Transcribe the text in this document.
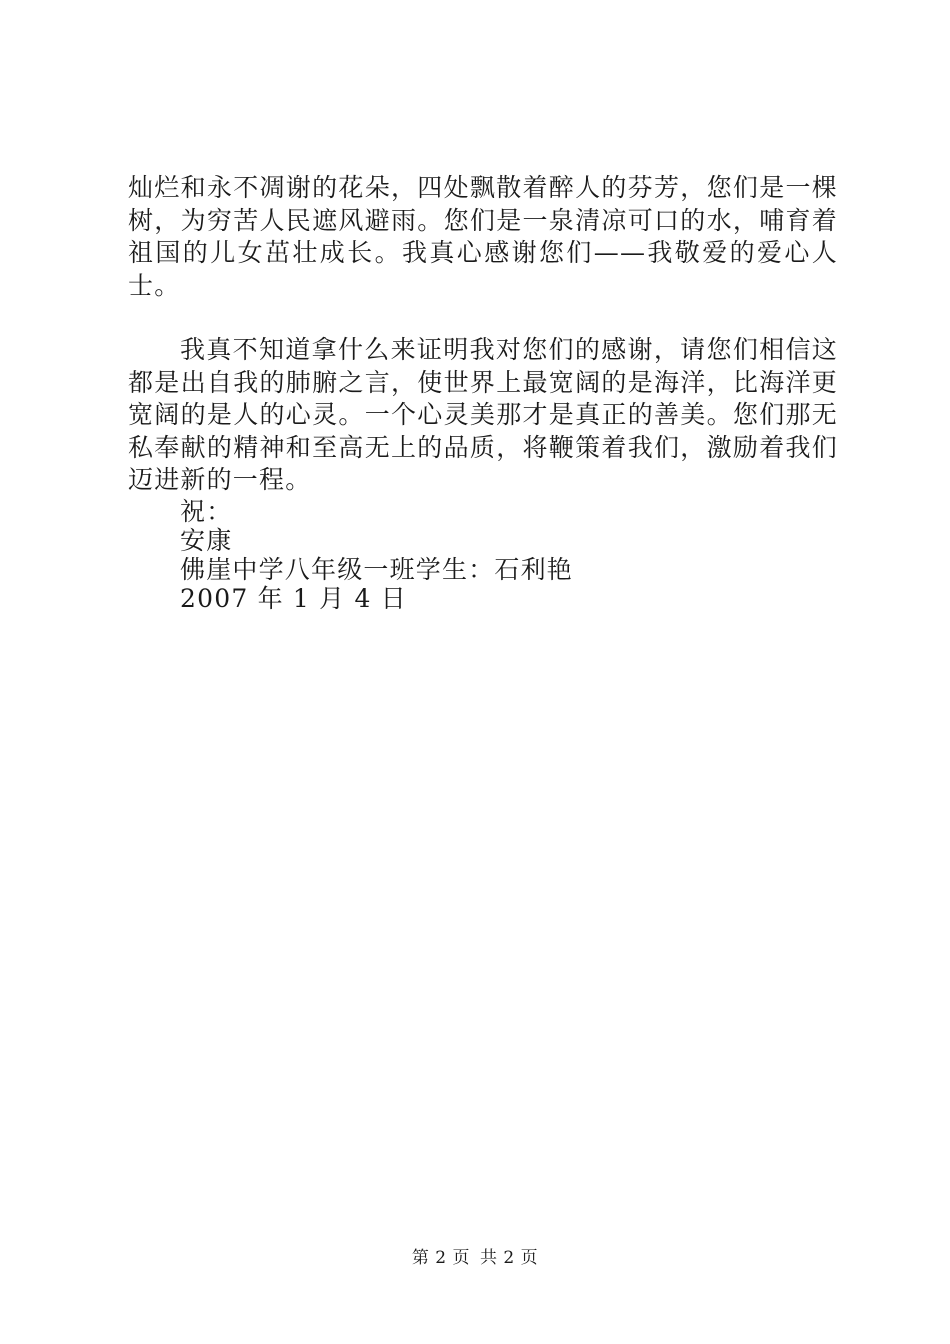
灿烂和永不凋谢的花朵，四处飘散着醉人的芬芳，您们是一棵树，为穷苦人民遮风避雨。您们是一泉清凉可口的水，哺育着祖国的儿女茁壮成长。我真心感谢您们——我敬爱的爱心人士。

我真不知道拿什么来证明我对您们的感谢，请您们相信这都是出自我的肺腑之言，使世界上最宽阔的是海洋，比海洋更宽阔的是人的心灵。一个心灵美那才是真正的善美。您们那无私奉献的精神和至高无上的品质，将鞭策着我们，激励着我们迈进新的一程。

祝：
安康
佛崖中学八年级一班学生：石利艳
2007 年 1 月 4 日
第 2 页 共 2 页
